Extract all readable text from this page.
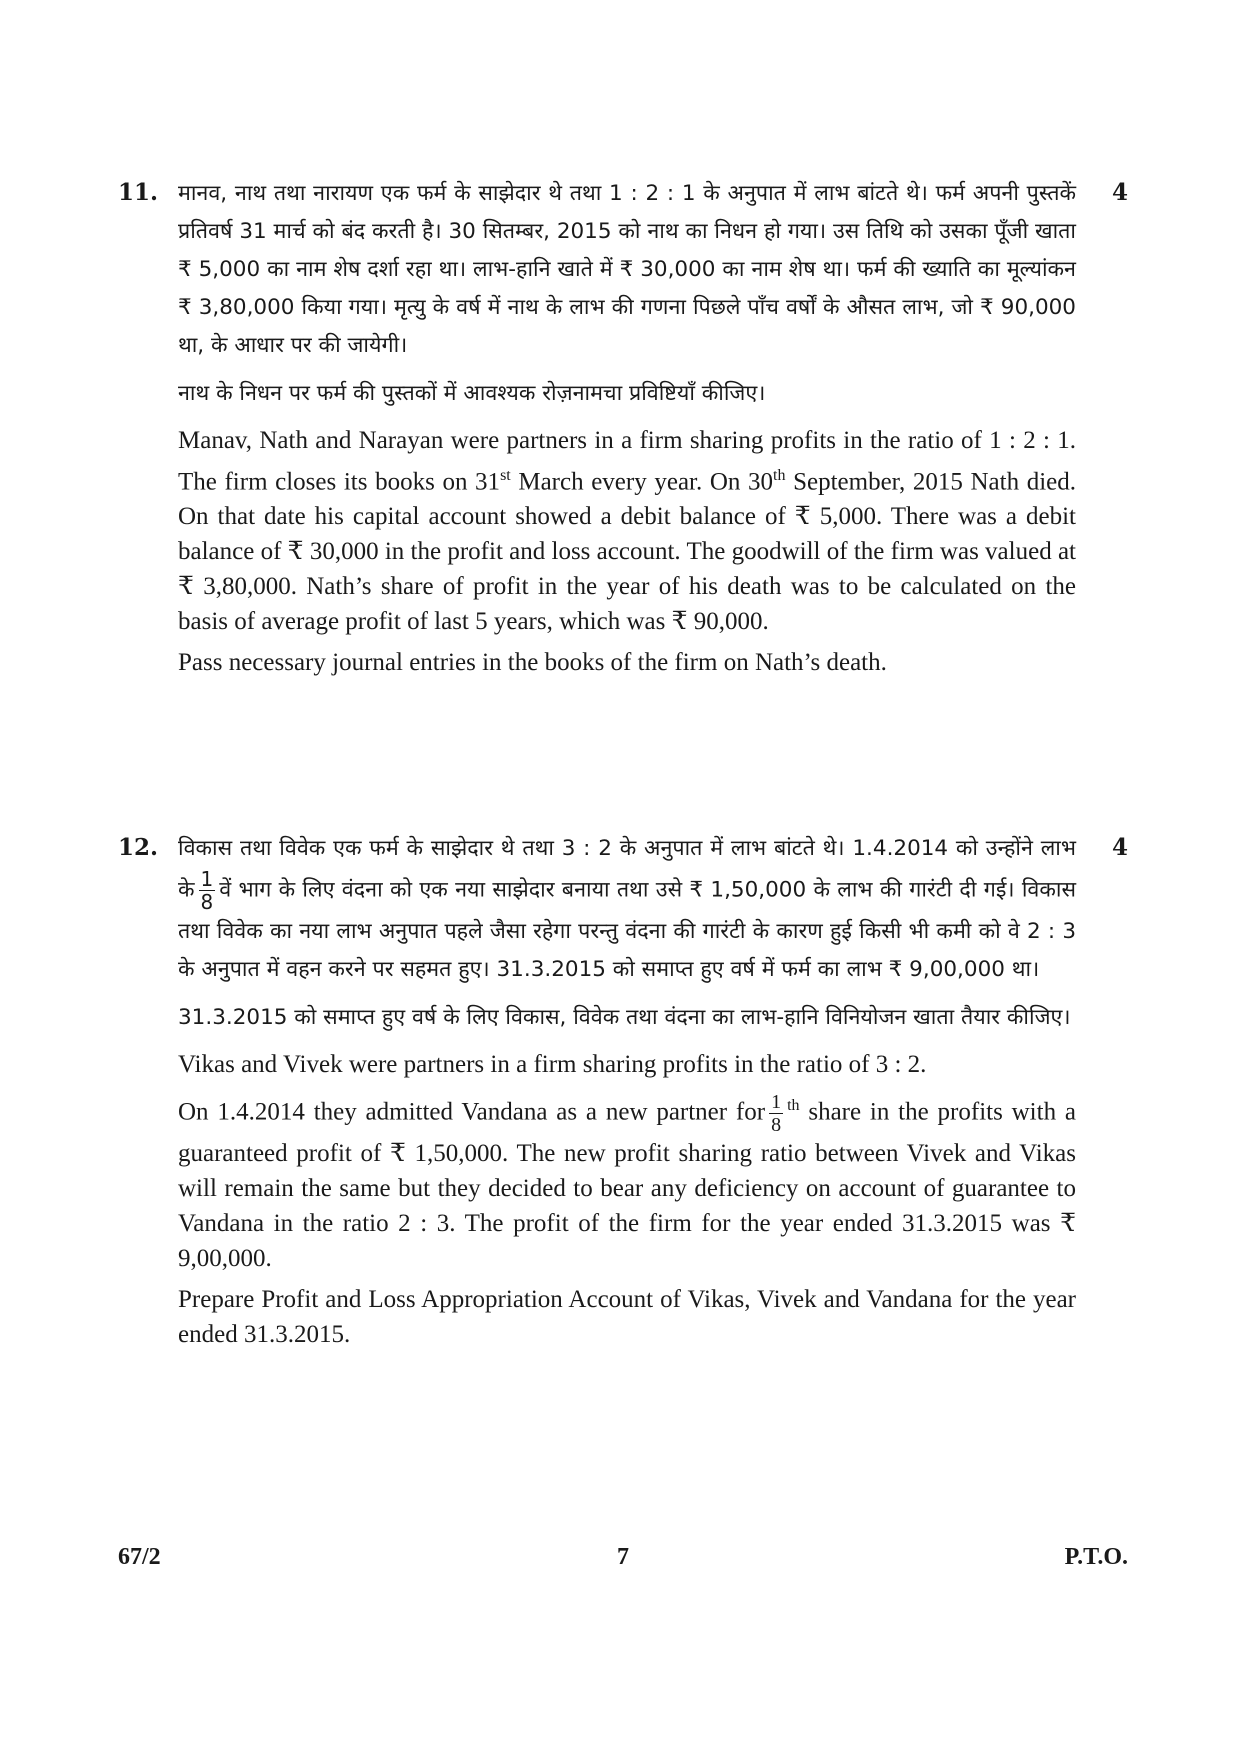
11.	4

मानव, नाथ तथा नारायण एक फर्म के साझेदार थे तथा 1 : 2 : 1 के अनुपात में लाभ बांटते थे। फर्म अपनी पुस्तकें प्रतिवर्ष 31 मार्च को बंद करती है। 30 सितम्बर, 2015 को नाथ का निधन हो गया। उस तिथि को उसका पूँजी खाता ₹ 5,000 का नाम शेष दर्शा रहा था। लाभ-हानि खाते में ₹ 30,000 का नाम शेष था। फर्म की ख्याति का मूल्यांकन ₹ 3,80,000 किया गया। मृत्यु के वर्ष में नाथ के लाभ की गणना पिछले पाँच वर्षों के औसत लाभ, जो ₹ 90,000 था, के आधार पर की जायेगी।

नाथ के निधन पर फर्म की पुस्तकों में आवश्यक रोज़नामचा प्रविष्टियाँ कीजिए।

Manav, Nath and Narayan were partners in a firm sharing profits in the ratio of 1 : 2 : 1. The firm closes its books on 31st March every year. On 30th September, 2015 Nath died. On that date his capital account showed a debit balance of ₹ 5,000. There was a debit balance of ₹ 30,000 in the profit and loss account. The goodwill of the firm was valued at ₹ 3,80,000. Nath’s share of profit in the year of his death was to be calculated on the basis of average profit of last 5 years, which was ₹ 90,000.

Pass necessary journal entries in the books of the firm on Nath’s death.

12.	4

विकास तथा विवेक एक फर्म के साझेदार थे तथा 3 : 2 के अनुपात में लाभ बांटते थे। 1.4.2014 को उन्होंने लाभ के $\frac{1}{8}$ वें भाग के लिए वंदना को एक नया साझेदार बनाया तथा उसे ₹ 1,50,000 के लाभ की गारंटी दी गई। विकास तथा विवेक का नया लाभ अनुपात पहले जैसा रहेगा परन्तु वंदना की गारंटी के कारण हुई किसी भी कमी को वे 2 : 3 के अनुपात में वहन करने पर सहमत हुए। 31.3.2015 को समाप्त हुए वर्ष में फर्म का लाभ ₹ 9,00,000 था।

31.3.2015 को समाप्त हुए वर्ष के लिए विकास, विवेक तथा वंदना का लाभ-हानि विनियोजन खाता तैयार कीजिए।

Vikas and Vivek were partners in a firm sharing profits in the ratio of 3 : 2.

On 1.4.2014 they admitted Vandana as a new partner for $\frac{1}{8} ^{th}$ share in the profits with a guaranteed profit of ₹ 1,50,000. The new profit sharing ratio between Vivek and Vikas will remain the same but they decided to bear any deficiency on account of guarantee to Vandana in the ratio 2 : 3. The profit of the firm for the year ended 31.3.2015 was ₹ 9,00,000.

Prepare Profit and Loss Appropriation Account of Vikas, Vivek and Vandana for the year ended 31.3.2015.

67/2	7	P.T.O.
